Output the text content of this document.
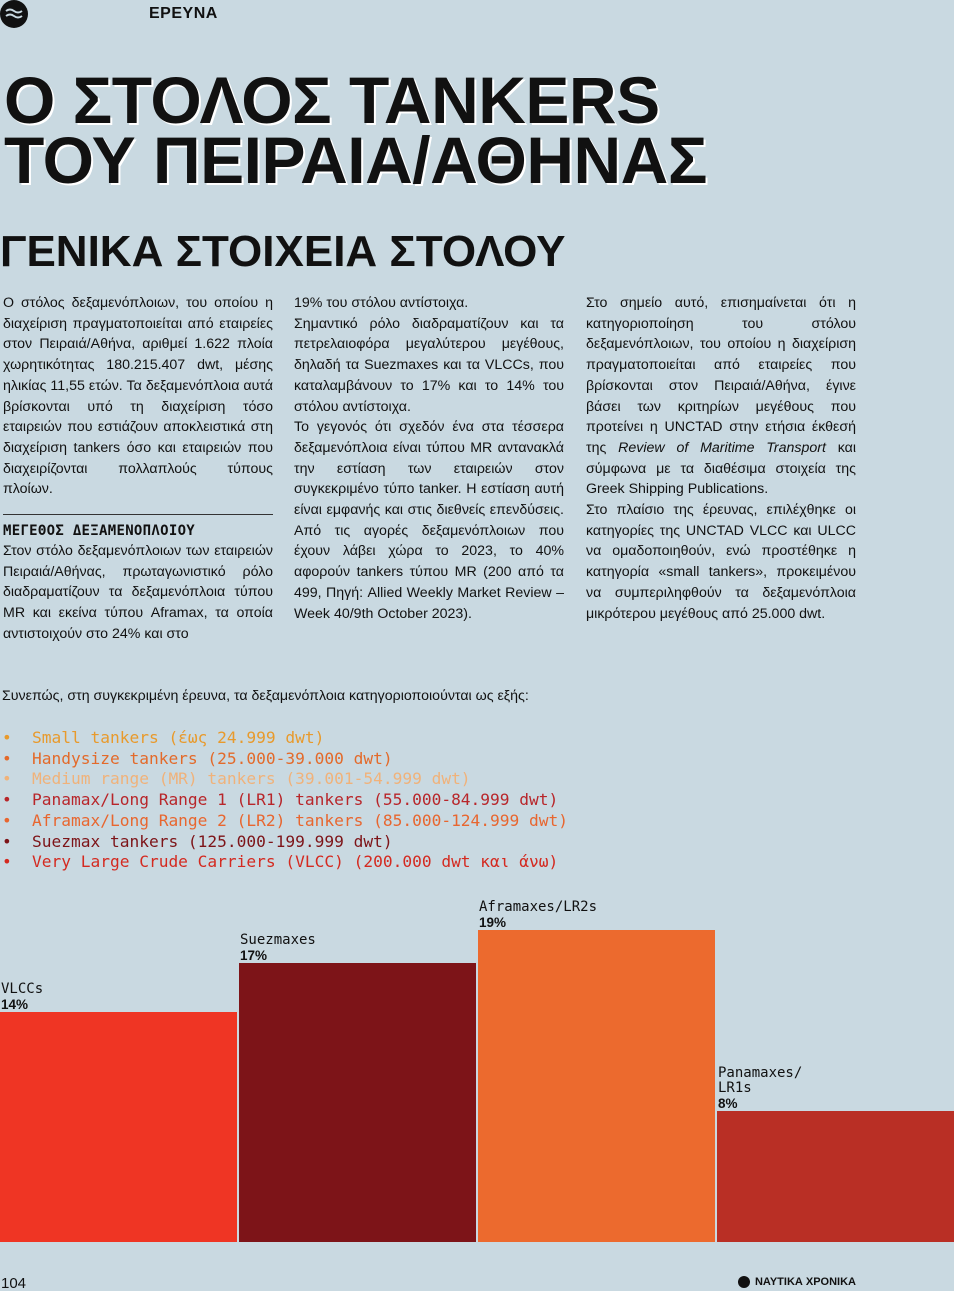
ΕΡΕΥΝΑ
Ο ΣΤΟΛΟΣ TANKERS
ΤΟΥ ΠΕΙΡΑΙΑ/ΑΘΗΝΑΣ
ΓΕΝΙΚΑ ΣΤΟΙΧΕΙΑ ΣΤΟΛΟΥ

Ο στόλος δεξαμενόπλοιων, του οποίου η διαχείριση πραγματοποιείται από εταιρείες στον Πειραιά/Αθήνα, αριθμεί 1.622 πλοία χωρητικότητας 180.215.407 dwt, μέσης ηλικίας 11,55 ετών. Τα δεξαμενόπλοια αυτά βρίσκονται υπό τη διαχείριση τόσο εταιρειών που εστιάζουν αποκλειστικά στη διαχείριση tankers όσο και εταιρειών που διαχειρίζονται πολλαπλούς τύπους πλοίων.

ΜΕΓΕΘΟΣ ΔΕΞΑΜΕΝΟΠΛΟΙΟΥ

Στον στόλο δεξαμενόπλοιων των εταιρειών Πειραιά/Αθήνας, πρωταγωνιστικό ρόλο διαδραματίζουν τα δεξαμενόπλοια τύπου MR και εκείνα τύπου Aframax, τα οποία αντιστοιχούν στο 24% και στο

19% του στόλου αντίστοιχα.

Σημαντικό ρόλο διαδραματίζουν και τα πετρελαιοφόρα μεγαλύτερου μεγέθους, δηλαδή τα Suezmaxes και τα VLCCs, που καταλαμβάνουν το 17% και το 14% του στόλου αντίστοιχα.

Το γεγονός ότι σχεδόν ένα στα τέσσερα δεξαμενόπλοια είναι τύπου MR αντανακλά την εστίαση των εταιρειών στον συγκεκριμένο τύπο tanker. Η εστίαση αυτή είναι εμφανής και στις διεθνείς επενδύσεις. Από τις αγορές δεξαμενόπλοιων που έχουν λάβει χώρα το 2023, το 40% αφορούν tankers τύπου MR (200 από τα 499, Πηγή: Allied Weekly Market Review – Week 40/9th October 2023).

Στο σημείο αυτό, επισημαίνεται ότι η κατηγοριοποίηση του στόλου δεξαμενόπλοιων, του οποίου η διαχείριση πραγματοποιείται από εταιρείες που βρίσκονται στον Πειραιά/Αθήνα, έγινε βάσει των κριτηρίων μεγέθους που προτείνει η UNCTAD στην ετήσια έκθεσή της Review of Maritime Transport και σύμφωνα με τα διαθέσιμα στοιχεία της Greek Shipping Publications.

Στο πλαίσιο της έρευνας, επιλέχθηκε οι κατηγορίες της UNCTAD VLCC και ULCC να ομαδοποιηθούν, ενώ προστέθηκε η κατηγορία «small tankers», προκειμένου να συμπεριληφθούν τα δεξαμενόπλοια μικρότερου μεγέθους από 25.000 dwt.

Συνεπώς, στη συγκεκριμένη έρευνα, τα δεξαμενόπλοια κατηγοριοποιούνται ως εξής:
• Small tankers (έως 24.999 dwt)
• Handysize tankers (25.000-39.000 dwt)
• Medium range (MR) tankers (39.001-54.999 dwt)
• Panamax/Long Range 1 (LR1) tankers (55.000-84.999 dwt)
• Aframax/Long Range 2 (LR2) tankers (85.000-124.999 dwt)
• Suezmax tankers (125.000-199.999 dwt)
• Very Large Crude Carriers (VLCC) (200.000 dwt και άνω)
14%
VLCCs
17%
Suezmaxes
19%
Aframaxes/LR2s
8%
Panamaxes/
LR1s
104	ΝΑΥΤΙΚΑ ΧΡΟΝΙΚΑ
